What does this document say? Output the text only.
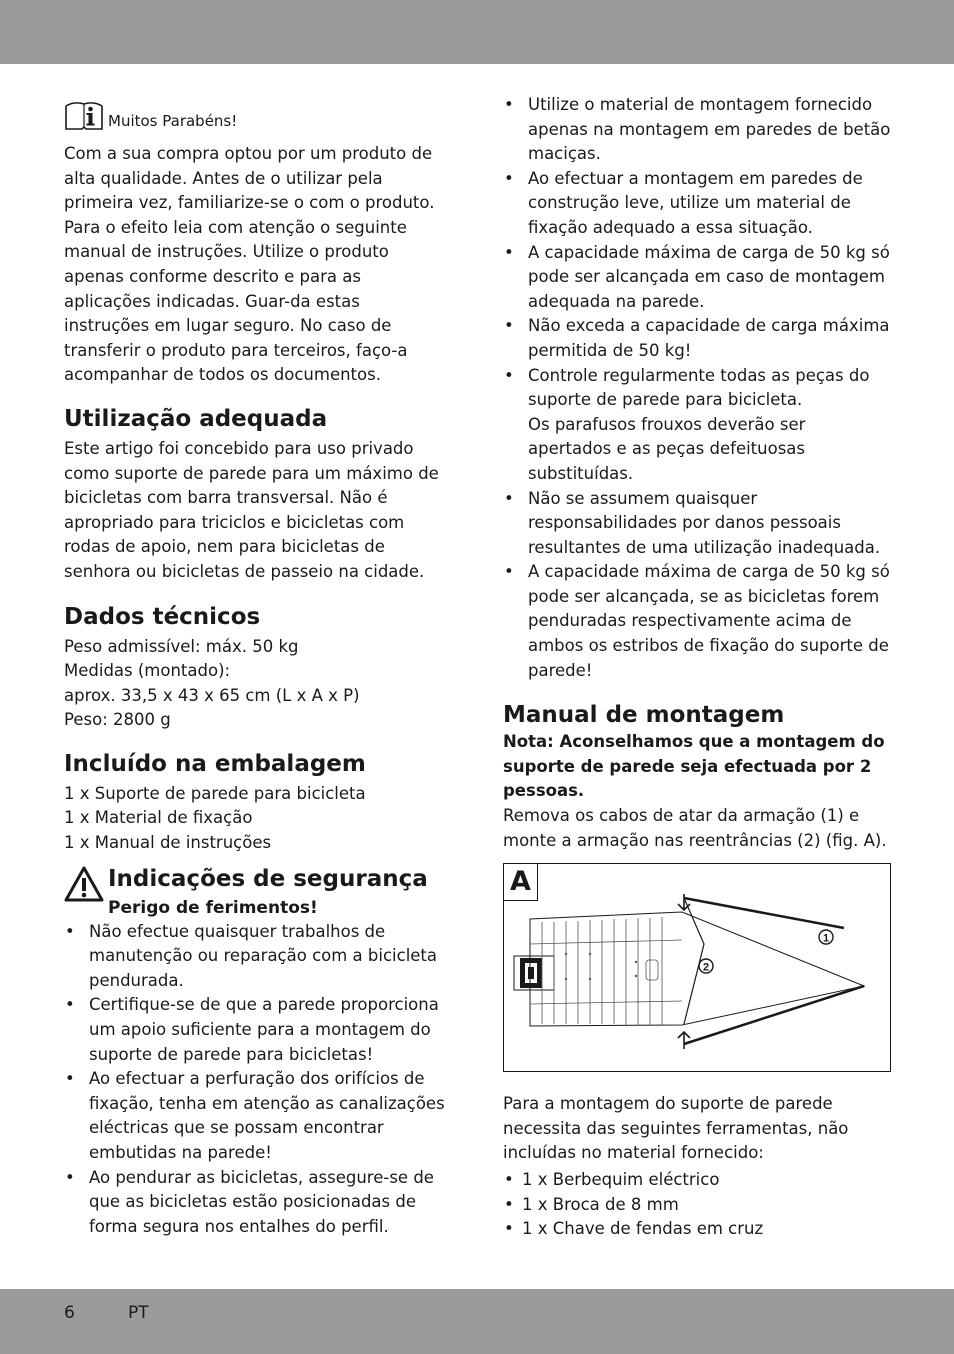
Muitos Parabéns!

Com a sua compra optou por um produto de alta qualidade. Antes de o utilizar pela primeira vez, familiarize-se o com o produto. Para o efeito leia com atenção o seguinte manual de instruções. Utilize o produto apenas conforme descrito e para as aplicações indicadas. Guar-da estas instruções em lugar seguro. No caso de transferir o produto para terceiros, faço-a acompanhar de todos os documentos.

Utilização adequada

Este artigo foi concebido para uso privado como suporte de parede para um máximo de bicicletas com barra transversal. Não é apropriado para triciclos e bicicletas com rodas de apoio, nem para bicicletas de senhora ou bicicletas de passeio na cidade.

Dados técnicos

Peso admissível: máx. 50 kg

Medidas (montado):

aprox. 33,5 x 43 x 65 cm (L x A x P)

Peso: 2800 g

Incluído na embalagem

1 x Suporte de parede para bicicleta

1 x Material de fixação

1 x Manual de instruções

Indicações de segurança
Perigo de ferimentos!
• Não efectue quaisquer trabalhos de manutenção ou reparação com a bicicleta pendurada.
• Certifique-se de que a parede proporciona um apoio suficiente para a montagem do suporte de parede para bicicletas!
• Ao efectuar a perfuração dos orifícios de fixação, tenha em atenção as canalizações eléctricas que se possam encontrar embutidas na parede!
• Ao pendurar as bicicletas, assegure-se de que as bicicletas estão posicionadas de forma segura nos entalhes do perfil.
• Utilize o material de montagem fornecido apenas na montagem em paredes de betão maciças.
• Ao efectuar a montagem em paredes de construção leve, utilize um material de fixação adequado a essa situação.
• A capacidade máxima de carga de 50 kg só pode ser alcançada em caso de montagem adequada na parede.
• Não exceda a capacidade de carga máxima permitida de 50 kg!
• Controle regularmente todas as peças do suporte de parede para bicicleta.
Os parafusos frouxos deverão ser apertados e as peças defeituosas substituídas.
• Não se assumem quaisquer responsabilidades por danos pessoais resultantes de uma utilização inadequada.
• A capacidade máxima de carga de 50 kg só pode ser alcançada, se as bicicletas forem penduradas respectivamente acima de ambos os estribos de fixação do suporte de parede!
Manual de montagem

Nota: Aconselhamos que a montagem do suporte de parede seja efectuada por 2 pessoas.

Remova os cabos de atar da armação (1) e monte a armação nas reentrâncias (2) (fig. A).

A
1
2

Para a montagem do suporte de parede necessita das seguintes ferramentas, não incluídas no material fornecido:

• 1 x Berbequim eléctrico
• 1 x Broca de 8 mm
• 1 x Chave de fendas em cruz
6	PT
